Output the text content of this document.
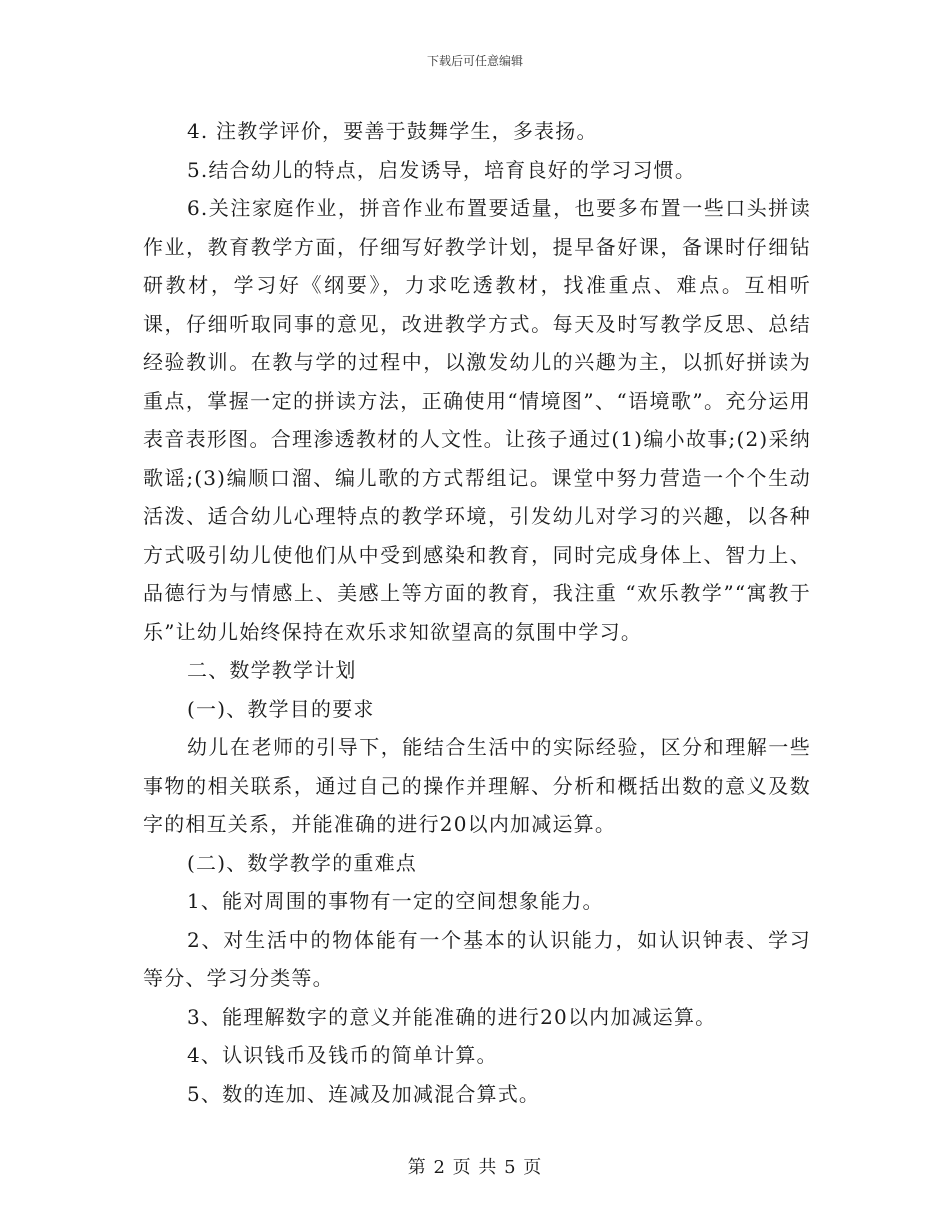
下载后可任意编辑

4. 注教学评价，要善于鼓舞学生，多表扬。

5.结合幼儿的特点，启发诱导，培育良好的学习习惯。

6.关注家庭作业，拼音作业布置要适量，也要多布置一些口头拼读作业，教育教学方面，仔细写好教学计划，提早备好课，备课时仔细钻研教材，学习好《纲要》，力求吃透教材，找准重点、难点。互相听课，仔细听取同事的意见，改进教学方式。每天及时写教学反思、总结经验教训。在教与学的过程中，以激发幼儿的兴趣为主，以抓好拼读为重点，掌握一定的拼读方法，正确使用“情境图”、“语境歌”。充分运用表音表形图。合理渗透教材的人文性。让孩子通过(1)编小故事;(2)采纳歌谣;(3)编顺口溜、编儿歌的方式帮组记。课堂中努力营造一个个生动活泼、适合幼儿心理特点的教学环境，引发幼儿对学习的兴趣，以各种方式吸引幼儿使他们从中受到感染和教育，同时完成身体上、智力上、品德行为与情感上、美感上等方面的教育，我注重 “欢乐教学”“寓教于乐”让幼儿始终保持在欢乐求知欲望高的氛围中学习。

二、数学教学计划

(一)、教学目的要求

幼儿在老师的引导下，能结合生活中的实际经验，区分和理解一些事物的相关联系，通过自己的操作并理解、分析和概括出数的意义及数字的相互关系，并能准确的进行20以内加减运算。

(二)、数学教学的重难点

1、能对周围的事物有一定的空间想象能力。

2、对生活中的物体能有一个基本的认识能力，如认识钟表、学习等分、学习分类等。

3、能理解数字的意义并能准确的进行20以内加减运算。

4、认识钱币及钱币的简单计算。

5、数的连加、连减及加减混合算式。

第 2 页 共 5 页
